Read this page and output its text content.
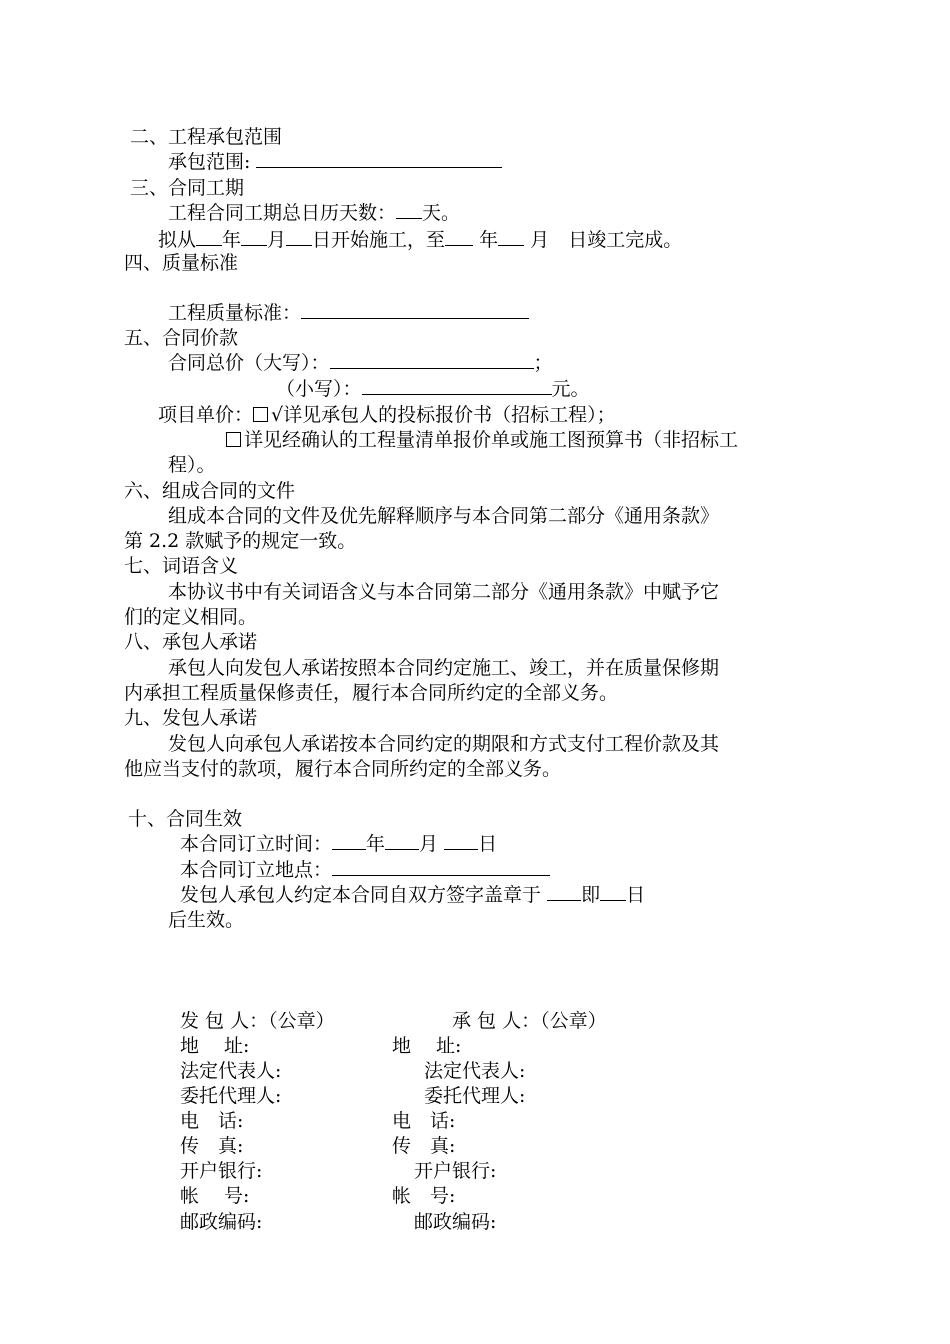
二、工程承包范围
承包范围:
三、合同工期
工程合同工期总日历天数： 天。
拟从 年 月 日开始施工，至 年 月　 日竣工完成。
四、质量标准
工程质量标准：
五、合同价款
合同总价（大写）：	；
（小写）：	元。
项目单价： √详见承包人的投标报价书（招标工程）；
详见经确认的工程量清单报价单或施工图预算书（非招标工
程）。
六、组成合同的文件
组成本合同的文件及优先解释顺序与本合同第二部分《通用条款》
第 2.2 款赋予的规定一致。
七、词语含义
本协议书中有关词语含义与本合同第二部分《通用条款》中赋予它
们的定义相同。
八、承包人承诺
承包人向发包人承诺按照本合同约定施工、竣工，并在质量保修期
内承担工程质量保修责任，履行本合同所约定的全部义务。
九、发包人承诺
发包人向承包人承诺按本合同约定的期限和方式支付工程价款及其
他应当支付的款项，履行本合同所约定的全部义务。
十、合同生效
本合同订立时间： 年 月 日
本合同订立地点：
发包人承包人约定本合同自双方签字盖章于 即 日
后生效。
发 包 人：（公章）
地　 址:
法定代表人:
委托代理人:
电　话:
传　真:
开户银行:
帐　 号:
邮政编码:
承 包 人：（公章）
地　 址:
法定代表人:
委托代理人:
电　话:
传　真:
开户银行:
帐　号:
邮政编码:
